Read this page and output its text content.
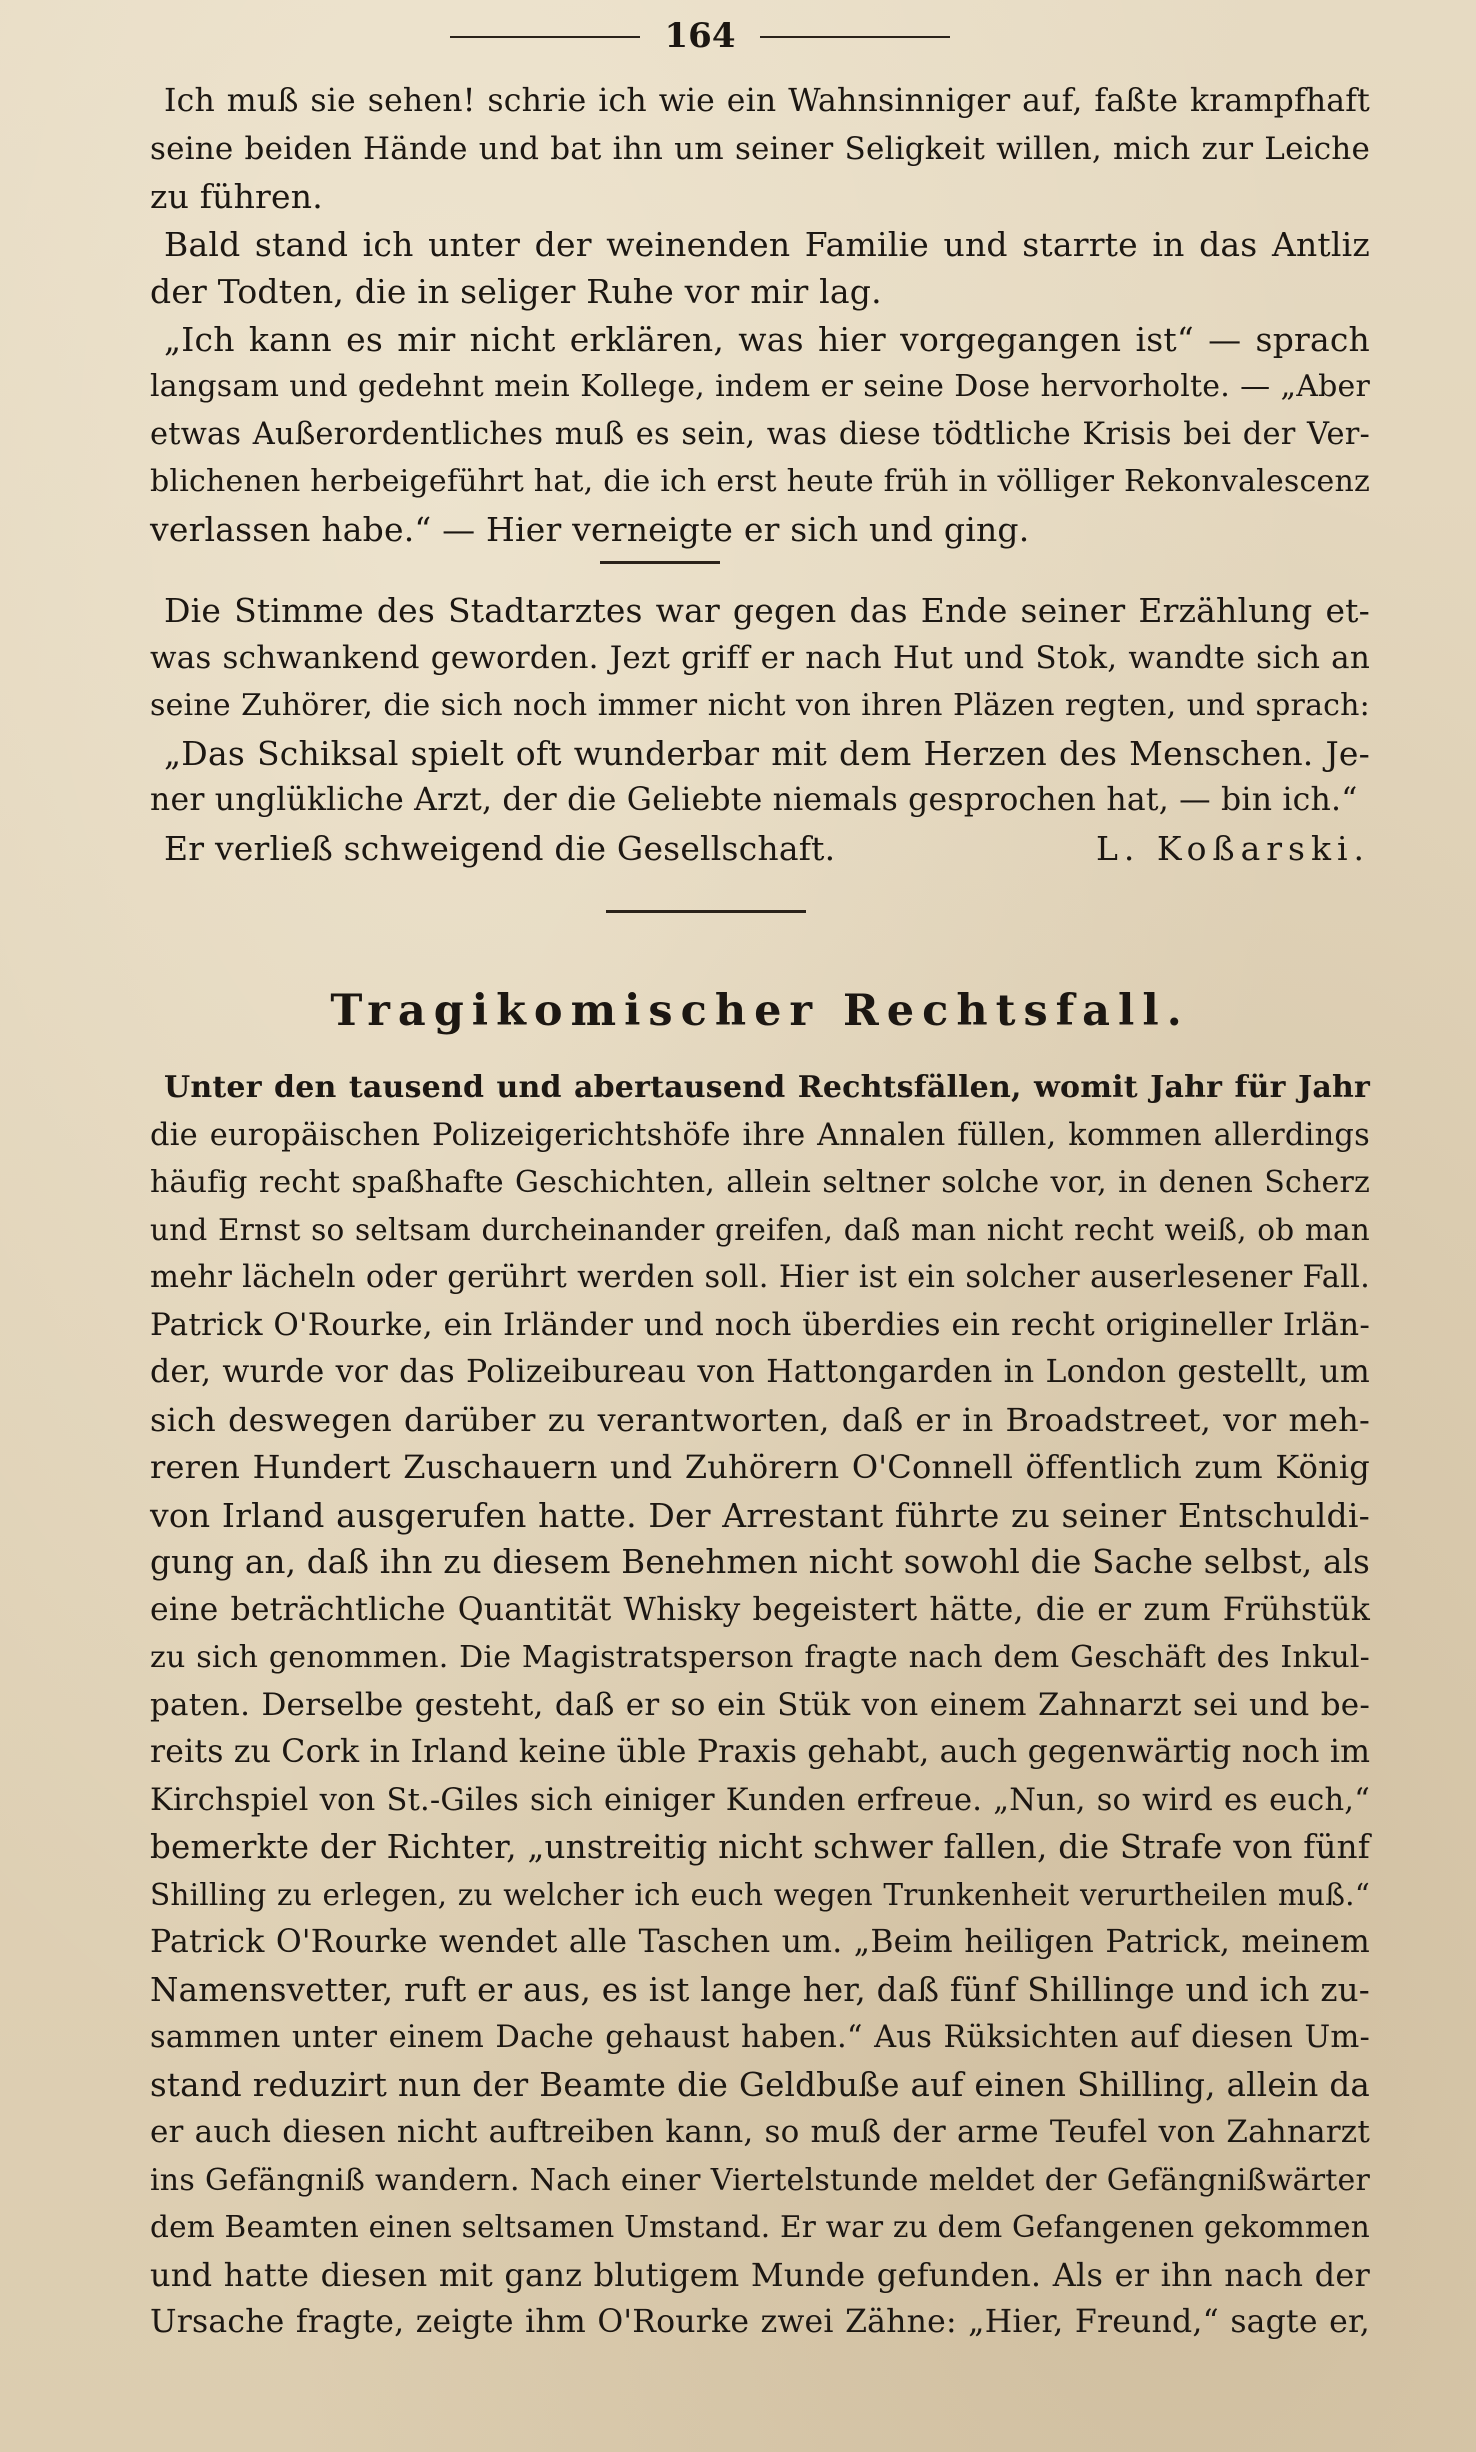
164
Ich muß sie sehen! schrie ich wie ein Wahnsinniger auf, faßte krampfhaft
seine beiden Hände und bat ihn um seiner Seligkeit willen, mich zur Leiche
zu führen.
Bald stand ich unter der weinenden Familie und starrte in das Antliz
der Todten, die in seliger Ruhe vor mir lag.
„Ich kann es mir nicht erklären, was hier vorgegangen ist“ — sprach
langsam und gedehnt mein Kollege, indem er seine Dose hervorholte. — „Aber
etwas Außerordentliches muß es sein, was diese tödtliche Krisis bei der Ver-
blichenen herbeigeführt hat, die ich erst heute früh in völliger Rekonvalescenz
verlassen habe.“ — Hier verneigte er sich und ging.
Die Stimme des Stadtarztes war gegen das Ende seiner Erzählung et-
was schwankend geworden. Jezt griff er nach Hut und Stok, wandte sich an
seine Zuhörer, die sich noch immer nicht von ihren Pläzen regten, und sprach:
„Das Schiksal spielt oft wunderbar mit dem Herzen des Menschen. Je-
ner unglükliche Arzt, der die Geliebte niemals gesprochen hat, — bin ich.“
Er verließ schweigend die Gesellschaft.	L. Koßarski.
Tragikomischer Rechtsfall.
Unter den tausend und abertausend Rechtsfällen, womit Jahr für Jahr
die europäischen Polizeigerichtshöfe ihre Annalen füllen, kommen allerdings
häufig recht spaßhafte Geschichten, allein seltner solche vor, in denen Scherz
und Ernst so seltsam durcheinander greifen, daß man nicht recht weiß, ob man
mehr lächeln oder gerührt werden soll. Hier ist ein solcher auserlesener Fall.
Patrick O'Rourke, ein Irländer und noch überdies ein recht origineller Irlän-
der, wurde vor das Polizeibureau von Hattongarden in London gestellt, um
sich deswegen darüber zu verantworten, daß er in Broadstreet, vor meh-
reren Hundert Zuschauern und Zuhörern O'Connell öffentlich zum König
von Irland ausgerufen hatte. Der Arrestant führte zu seiner Entschuldi-
gung an, daß ihn zu diesem Benehmen nicht sowohl die Sache selbst, als
eine beträchtliche Quantität Whisky begeistert hätte, die er zum Frühstük
zu sich genommen. Die Magistratsperson fragte nach dem Geschäft des Inkul-
paten. Derselbe gesteht, daß er so ein Stük von einem Zahnarzt sei und be-
reits zu Cork in Irland keine üble Praxis gehabt, auch gegenwärtig noch im
Kirchspiel von St.-Giles sich einiger Kunden erfreue. „Nun, so wird es euch,“
bemerkte der Richter, „unstreitig nicht schwer fallen, die Strafe von fünf
Shilling zu erlegen, zu welcher ich euch wegen Trunkenheit verurtheilen muß.“
Patrick O'Rourke wendet alle Taschen um. „Beim heiligen Patrick, meinem
Namensvetter, ruft er aus, es ist lange her, daß fünf Shillinge und ich zu-
sammen unter einem Dache gehaust haben.“ Aus Rüksichten auf diesen Um-
stand reduzirt nun der Beamte die Geldbuße auf einen Shilling, allein da
er auch diesen nicht auftreiben kann, so muß der arme Teufel von Zahnarzt
ins Gefängniß wandern. Nach einer Viertelstunde meldet der Gefängnißwärter
dem Beamten einen seltsamen Umstand. Er war zu dem Gefangenen gekommen
und hatte diesen mit ganz blutigem Munde gefunden. Als er ihn nach der
Ursache fragte, zeigte ihm O'Rourke zwei Zähne: „Hier, Freund,“ sagte er,
